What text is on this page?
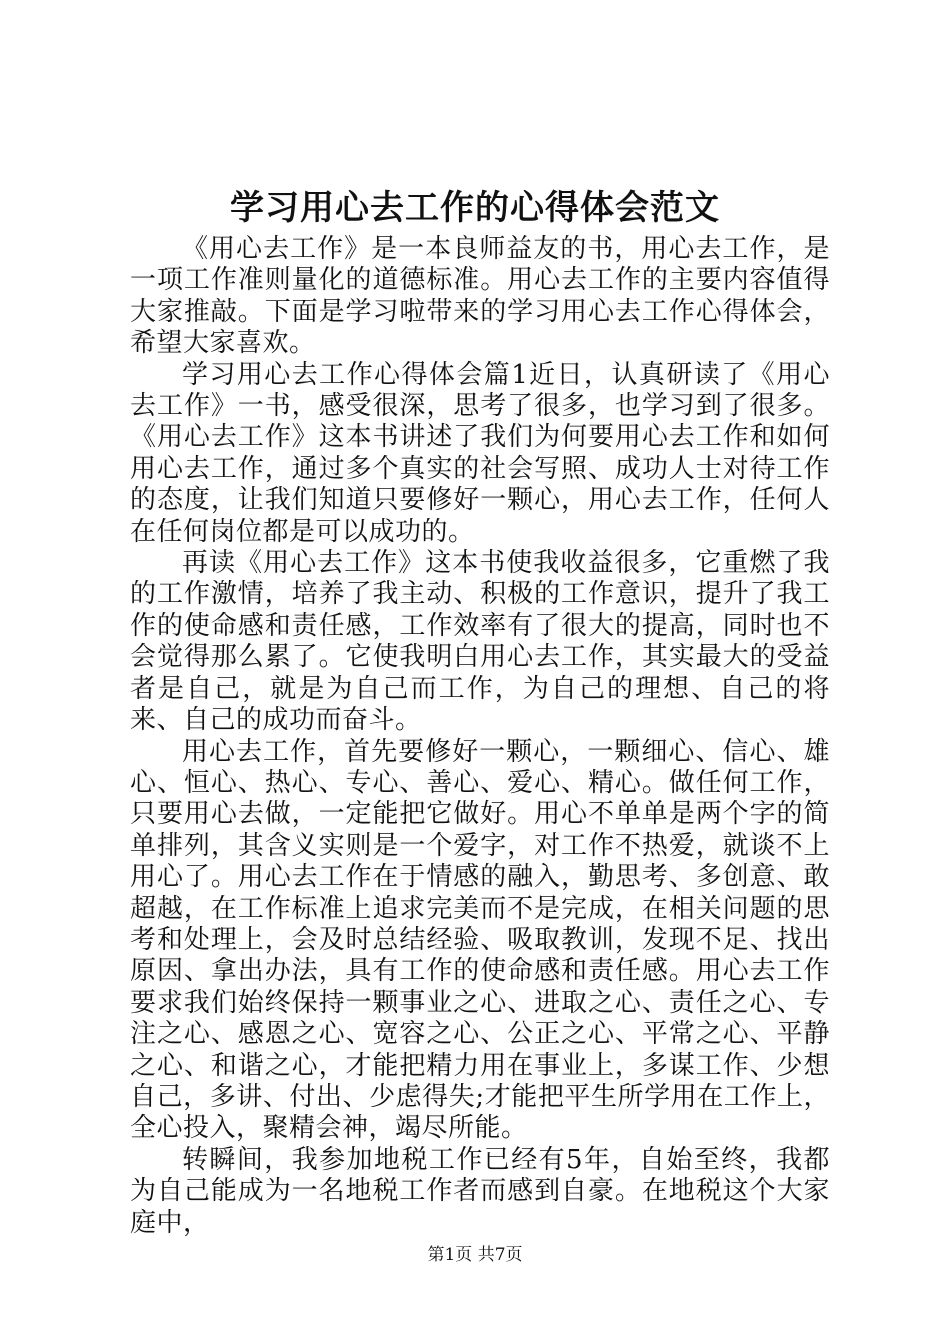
学习用心去工作的心得体会范文

《用心去工作》是一本良师益友的书，用心去工作，是一项工作准则量化的道德标准。用心去工作的主要内容值得大家推敲。下面是学习啦带来的学习用心去工作心得体会，希望大家喜欢。

学习用心去工作心得体会篇1近日，认真研读了《用心去工作》一书，感受很深，思考了很多，也学习到了很多。《用心去工作》这本书讲述了我们为何要用心去工作和如何用心去工作，通过多个真实的社会写照、成功人士对待工作的态度，让我们知道只要修好一颗心，用心去工作，任何人在任何岗位都是可以成功的。

再读《用心去工作》这本书使我收益很多，它重燃了我的工作激情，培养了我主动、积极的工作意识，提升了我工作的使命感和责任感，工作效率有了很大的提高，同时也不会觉得那么累了。它使我明白用心去工作，其实最大的受益者是自己，就是为自己而工作，为自己的理想、自己的将来、自己的成功而奋斗。

用心去工作，首先要修好一颗心，一颗细心、信心、雄心、恒心、热心、专心、善心、爱心、精心。做任何工作，只要用心去做，一定能把它做好。用心不单单是两个字的简单排列，其含义实则是一个爱字，对工作不热爱，就谈不上用心了。用心去工作在于情感的融入，勤思考、多创意、敢超越，在工作标准上追求完美而不是完成，在相关问题的思考和处理上，会及时总结经验、吸取教训，发现不足、找出原因、拿出办法，具有工作的使命感和责任感。用心去工作要求我们始终保持一颗事业之心、进取之心、责任之心、专注之心、感恩之心、宽容之心、公正之心、平常之心、平静之心、和谐之心，才能把精力用在事业上，多谋工作、少想自己，多讲、付出、少虑得失;才能把平生所学用在工作上，全心投入，聚精会神，竭尽所能。

转瞬间，我参加地税工作已经有5年，自始至终，我都为自己能成为一名地税工作者而感到自豪。在地税这个大家庭中，

第1页 共7页
